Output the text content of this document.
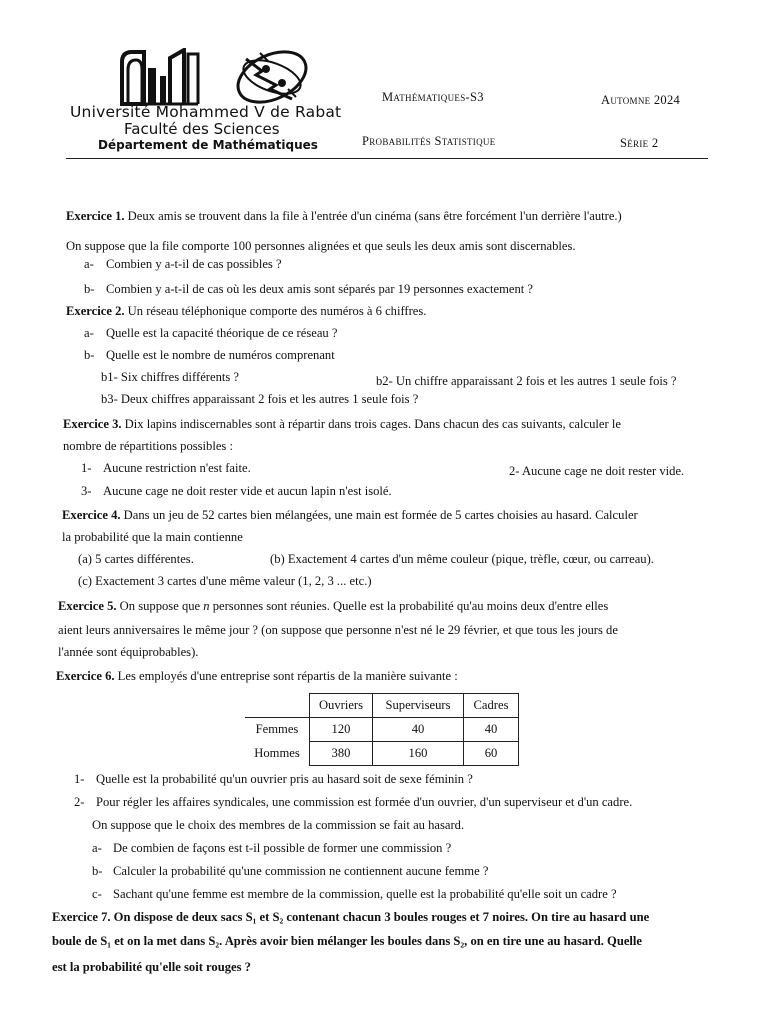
Université Mohammed V de Rabat
Faculté des Sciences
Département de Mathématiques
Mathématiques-S3	Automne 2024
Probabilités Statistique	Série 2
Exercice 1. Deux amis se trouvent dans la file à l'entrée d'un cinéma (sans être forcément l'un derrière l'autre.)
On suppose que la file comporte 100 personnes alignées et que seuls les deux amis sont discernables.
a- Combien y a-t-il de cas possibles ?
b- Combien y a-t-il de cas où les deux amis sont séparés par 19 personnes exactement ?
Exercice 2. Un réseau téléphonique comporte des numéros à 6 chiffres.
a- Quelle est la capacité théorique de ce réseau ?
b- Quelle est le nombre de numéros comprenant
b1- Six chiffres différents ?	b2- Un chiffre apparaissant 2 fois et les autres 1 seule fois ?
b3- Deux chiffres apparaissant 2 fois et les autres 1 seule fois ?
Exercice 3. Dix lapins indiscernables sont à répartir dans trois cages. Dans chacun des cas suivants, calculer le
nombre de répartitions possibles :
1- Aucune restriction n'est faite.	2- Aucune cage ne doit rester vide.
3- Aucune cage ne doit rester vide et aucun lapin n'est isolé.
Exercice 4. Dans un jeu de 52 cartes bien mélangées, une main est formée de 5 cartes choisies au hasard. Calculer
la probabilité que la main contienne
(a) 5 cartes différentes.	(b) Exactement 4 cartes d'un même couleur (pique, trèfle, cœur, ou carreau).
(c) Exactement 3 cartes d'une même valeur (1, 2, 3 ... etc.)
Exercice 5. On suppose que n personnes sont réunies. Quelle est la probabilité qu'au moins deux d'entre elles
aient leurs anniversaires le même jour ? (on suppose que personne n'est né le 29 février, et que tous les jours de
l'année sont équiprobables).
Exercice 6. Les employés d'une entreprise sont répartis de la manière suivante :
	Ouvriers	Superviseurs	Cadres
Femmes	120	40	40
Hommes	380	160	60
1- Quelle est la probabilité qu'un ouvrier pris au hasard soit de sexe féminin ?
2- Pour régler les affaires syndicales, une commission est formée d'un ouvrier, d'un superviseur et d'un cadre.
On suppose que le choix des membres de la commission se fait au hasard.
a- De combien de façons est t-il possible de former une commission ?
b- Calculer la probabilité qu'une commission ne contiennent aucune femme ?
c- Sachant qu'une femme est membre de la commission, quelle est la probabilité qu'elle soit un cadre ?
Exercice 7. On dispose de deux sacs S₁ et S₂ contenant chacun 3 boules rouges et 7 noires. On tire au hasard une
boule de S₁ et on la met dans S₂. Après avoir bien mélanger les boules dans S₂, on en tire une au hasard. Quelle
est la probabilité qu'elle soit rouges ?
